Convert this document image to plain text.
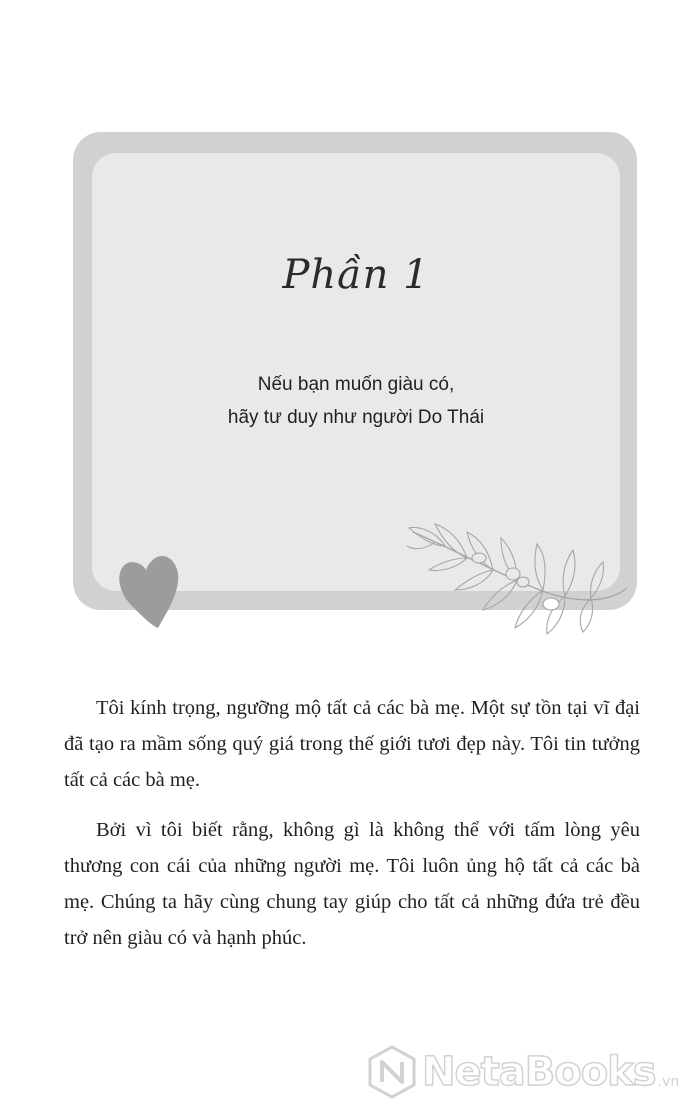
Phần 1
Nếu bạn muốn giàu có,
hãy tư duy như người Do Thái

Tôi kính trọng, ngưỡng mộ tất cả các bà mẹ. Một sự tồn tại vĩ đại đã tạo ra mầm sống quý giá trong thế giới tươi đẹp này. Tôi tin tưởng tất cả các bà mẹ.

Bởi vì tôi biết rằng, không gì là không thể với tấm lòng yêu thương con cái của những người mẹ. Tôi luôn ủng hộ tất cả các bà mẹ. Chúng ta hãy cùng chung tay giúp cho tất cả những đứa trẻ đều trở nên giàu có và hạnh phúc.

NetaBooks .vn
